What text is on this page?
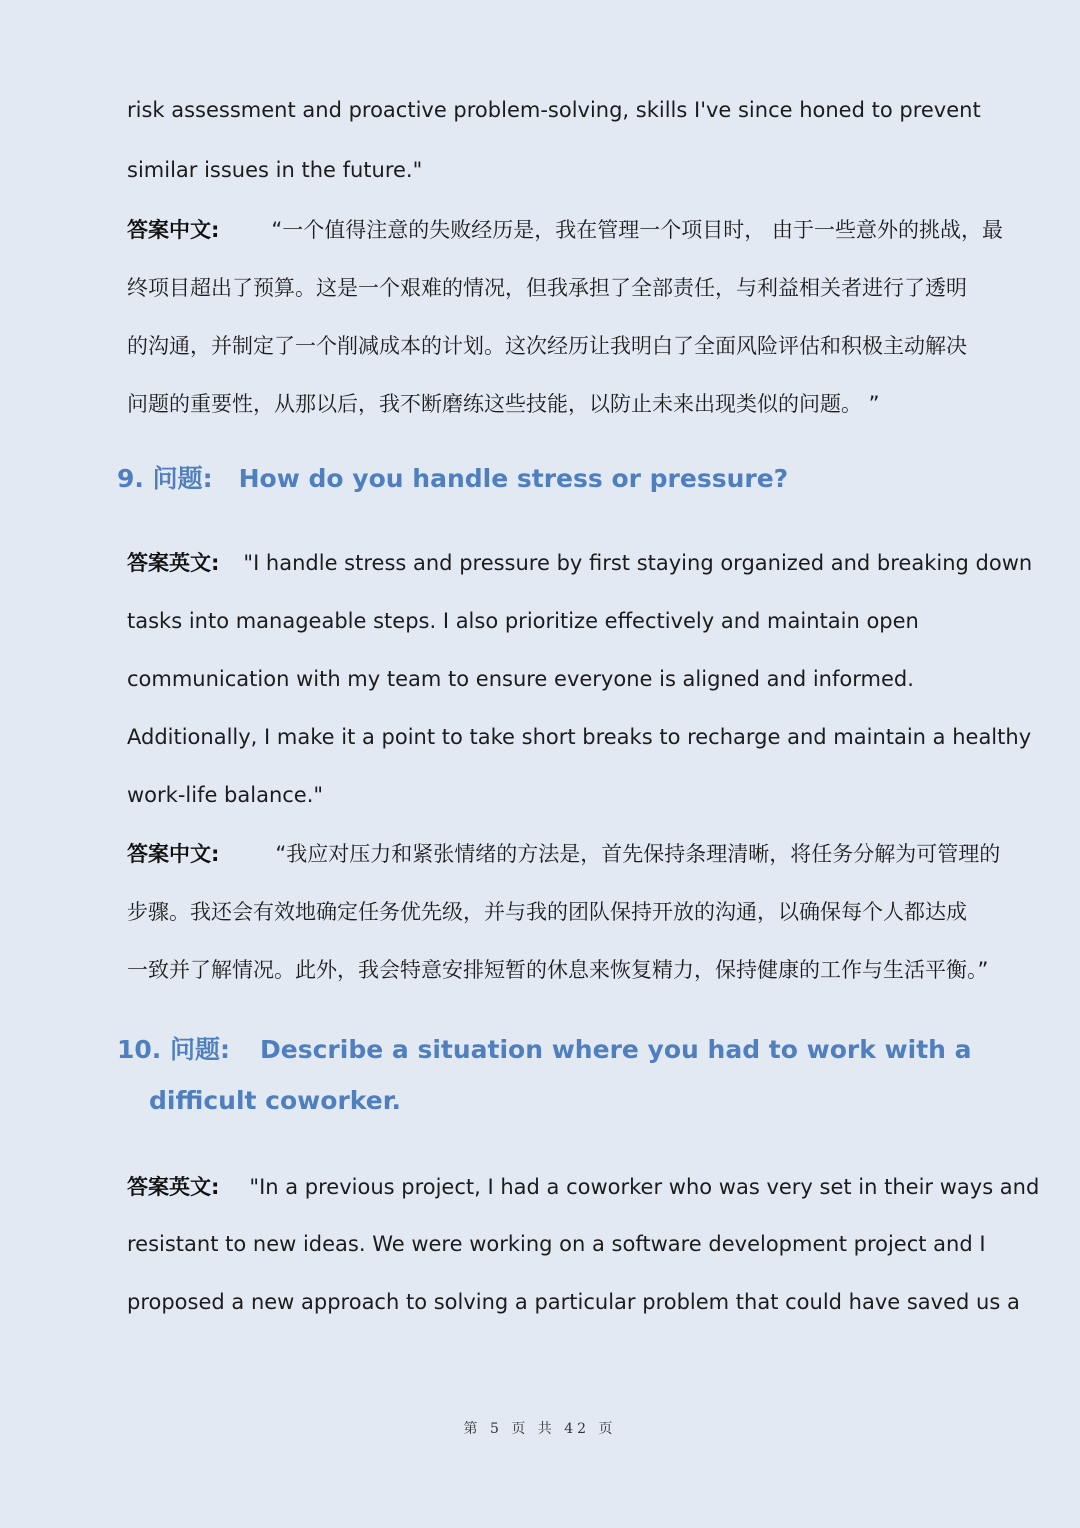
risk assessment and proactive problem-solving, skills I've since honed to prevent
similar issues in the future."
答案中文: “一个值得注意的失败经历是，我在管理一个项目时， 由于一些意外的挑战，最
终项目超出了预算。这是一个艰难的情况，但我承担了全部责任，与利益相关者进行了透明
的沟通，并制定了一个削减成本的计划。这次经历让我明白了全面风险评估和积极主动解决
问题的重要性，从那以后，我不断磨练这些技能，以防止未来出现类似的问题。 ”
9. 问题: How do you handle stress or pressure?
答案英文: "I handle stress and pressure by first staying organized and breaking down
tasks into manageable steps. I also prioritize effectively and maintain open
communication with my team to ensure everyone is aligned and informed.
Additionally, I make it a point to take short breaks to recharge and maintain a healthy
work-life balance."
答案中文:	“我应对压力和紧张情绪的方法是，首先保持条理清晰，将任务分解为可管理的
步骤。我还会有效地确定任务优先级，并与我的团队保持开放的沟通，以确保每个人都达成
一致并了解情况。此外，我会特意安排短暂的休息来恢复精力，保持健康的工作与生活平衡。”
10. 问题: Describe a situation where you had to work with a
difficult coworker.
答案英文: "In a previous project, I had a coworker who was very set in their ways and
resistant to new ideas. We were working on a software development project and I
proposed a new approach to solving a particular problem that could have saved us a
第 5 页 共 42 页
